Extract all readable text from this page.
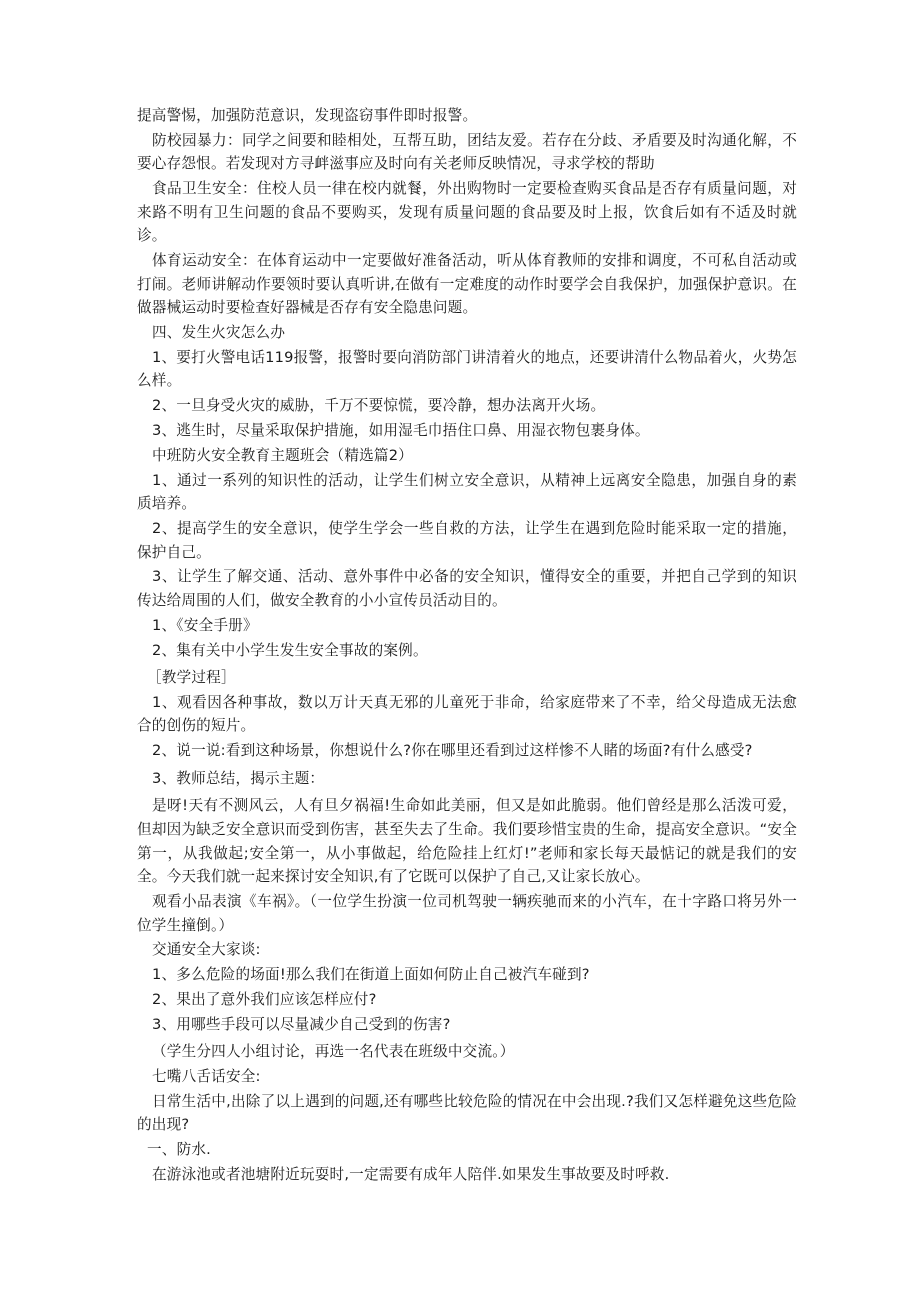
提高警惕，加强防范意识，发现盗窃事件即时报警。

防校园暴力：同学之间要和睦相处，互帮互助，团结友爱。若存在分歧、矛盾要及时沟通化解，不要心存怨恨。若发现对方寻衅滋事应及时向有关老师反映情况，寻求学校的帮助

食品卫生安全：住校人员一律在校内就餐，外出购物时一定要检查购买食品是否存有质量问题，对来路不明有卫生问题的食品不要购买，发现有质量问题的食品要及时上报，饮食后如有不适及时就诊。

体育运动安全：在体育运动中一定要做好准备活动，听从体育教师的安排和调度，不可私自活动或打闹。老师讲解动作要领时要认真听讲,在做有一定难度的动作时要学会自我保护，加强保护意识。在做器械运动时要检查好器械是否存有安全隐患问题。

四、发生火灾怎么办

1、要打火警电话119报警，报警时要向消防部门讲清着火的地点，还要讲清什么物品着火，火势怎么样。

2、一旦身受火灾的威胁，千万不要惊慌，要冷静，想办法离开火场。

3、逃生时，尽量采取保护措施，如用湿毛巾捂住口鼻、用湿衣物包裹身体。

中班防火安全教育主题班会（精选篇2）

1、通过一系列的知识性的活动，让学生们树立安全意识，从精神上远离安全隐患，加强自身的素质培养。

2、提高学生的安全意识，使学生学会一些自救的方法，让学生在遇到危险时能采取一定的措施，保护自己。

3、让学生了解交通、活动、意外事件中必备的安全知识，懂得安全的重要，并把自己学到的知识传达给周围的人们，做安全教育的小小宣传员活动目的。

1、《安全手册》

2、集有关中小学生发生安全事故的案例。

［教学过程］

1、观看因各种事故，数以万计天真无邪的儿童死于非命，给家庭带来了不幸，给父母造成无法愈合的创伤的短片。

2、说一说:看到这种场景，你想说什么?你在哪里还看到过这样惨不人睹的场面?有什么感受?

3、教师总结，揭示主题：

是呀!天有不测风云，人有旦夕祸福!生命如此美丽，但又是如此脆弱。他们曾经是那么活泼可爱，但却因为缺乏安全意识而受到伤害，甚至失去了生命。我们要珍惜宝贵的生命，提高安全意识。“安全第一，从我做起;安全第一，从小事做起，给危险挂上红灯!”老师和家长每天最惦记的就是我们的安全。今天我们就一起来探讨安全知识,有了它既可以保护了自己,又让家长放心。

观看小品表演《车祸》。（一位学生扮演一位司机驾驶一辆疾驰而来的小汽车，在十字路口将另外一位学生撞倒。）

交通安全大家谈:

1、多么危险的场面!那么我们在街道上面如何防止自己被汽车碰到?

2、果出了意外我们应该怎样应付?

3、用哪些手段可以尽量减少自己受到的伤害?

（学生分四人小组讨论，再选一名代表在班级中交流。）

七嘴八舌话安全:

日常生活中,出除了以上遇到的问题,还有哪些比较危险的情况在中会出现.?我们又怎样避免这些危险的出现?

一、防水.

在游泳池或者池塘附近玩耍时,一定需要有成年人陪伴.如果发生事故要及时呼救.
